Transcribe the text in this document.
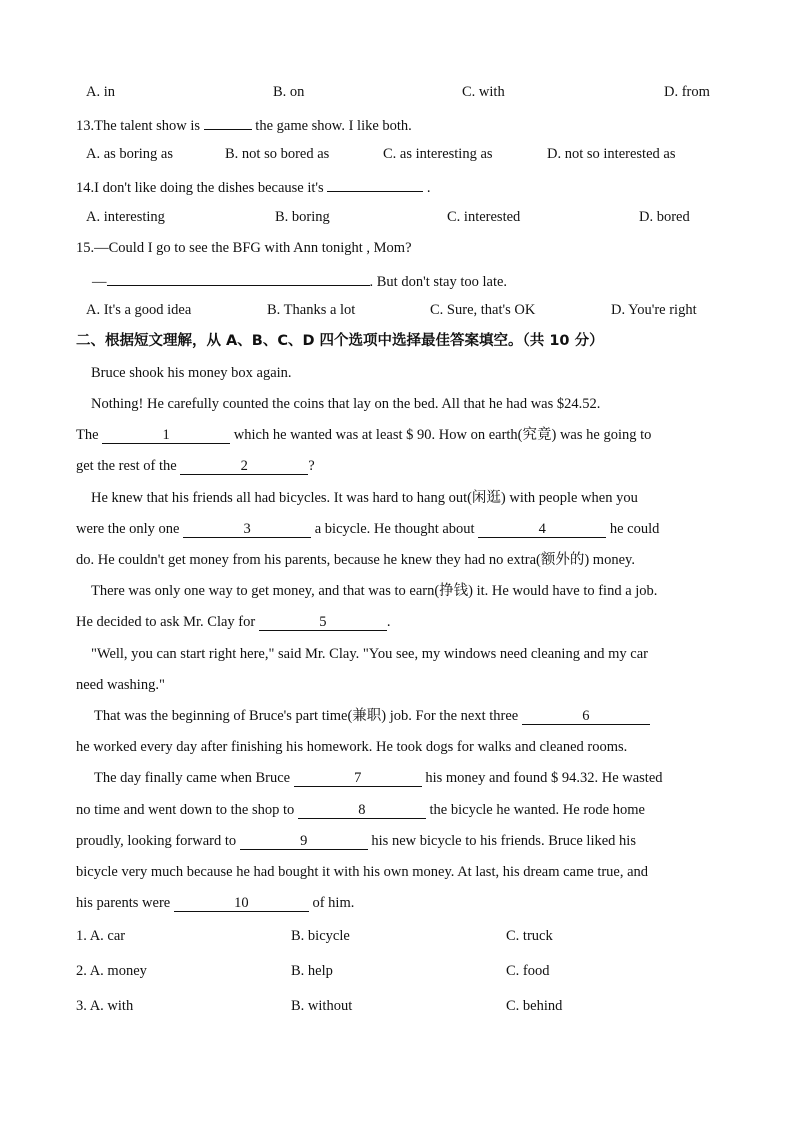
A. in	B. on	C. with	D. from
13.The talent show is	the game show. I like both.
A. as boring as	B. not so bored as	C. as interesting as	D. not so interested as
14.I don't like doing the dishes because it's	.
A. interesting	B. boring	C. interested	D. bored
15.—Could I go to see the BFG with Ann tonight , Mom?
—	. But don't stay too late.
A. It's a good idea	B. Thanks a lot	C. Sure, that's OK	D. You're right
二、根据短文理解，从 A、B、C、D 四个选项中选择最佳答案填空。（共 10 分）
Bruce shook his money box again.
Nothing! He carefully counted the coins that lay on the bed. All that he had was $24.52.
The	1	which he wanted was at least $ 90. How on earth(究竟) was he going to
get the rest of the	2	?
He knew that his friends all had bicycles. It was hard to hang out(闲逛) with people when you
were the only one	3	a bicycle. He thought about	4	he could
do. He couldn't get money from his parents, because he knew they had no extra(额外的) money.
There was only one way to get money, and that was to earn(挣钱) it. He would have to find a job.
He decided to ask Mr. Clay for	5	.
"Well, you can start right here," said Mr. Clay. "You see, my windows need cleaning and my car
need washing."
That was the beginning of Bruce's part time(兼职) job. For the next three	6
he worked every day after finishing his homework. He took dogs for walks and cleaned rooms.
The day finally came when Bruce	7	his money and found $ 94.32. He wasted
no time and went down to the shop to	8	the bicycle he wanted. He rode home
proudly, looking forward to	9	his new bicycle to his friends. Bruce liked his
bicycle very much because he had bought it with his own money. At last, his dream came true, and
his parents were	10	of him.
1. A. car	B. bicycle	C. truck
2. A. money	B. help	C. food
3. A. with	B. without	C. behind
